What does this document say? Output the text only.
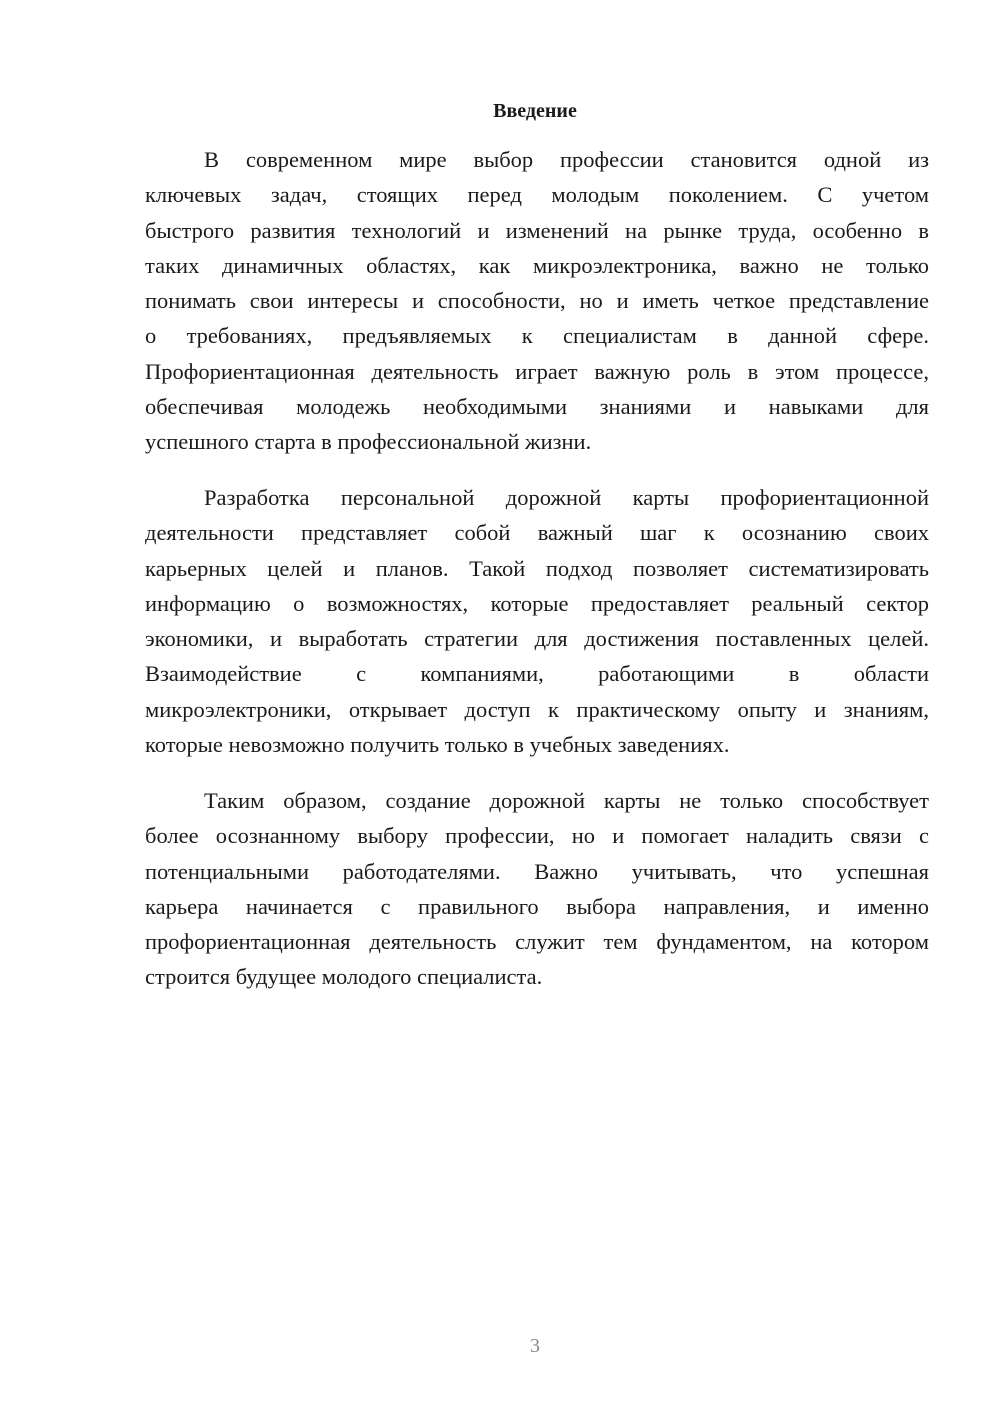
Введение
В современном мире выбор профессии становится одной из
ключевых задач, стоящих перед молодым поколением. С учетом
быстрого развития технологий и изменений на рынке труда, особенно в
таких динамичных областях, как микроэлектроника, важно не только
понимать свои интересы и способности, но и иметь четкое представление
о требованиях, предъявляемых к специалистам в данной сфере.
Профориентационная деятельность играет важную роль в этом процессе,
обеспечивая молодежь необходимыми знаниями и навыками для
успешного старта в профессиональной жизни.
Разработка персональной дорожной карты профориентационной
деятельности представляет собой важный шаг к осознанию своих
карьерных целей и планов. Такой подход позволяет систематизировать
информацию о возможностях, которые предоставляет реальный сектор
экономики, и выработать стратегии для достижения поставленных целей.
Взаимодействие с компаниями, работающими в области
микроэлектроники, открывает доступ к практическому опыту и знаниям,
которые невозможно получить только в учебных заведениях.
Таким образом, создание дорожной карты не только способствует
более осознанному выбору профессии, но и помогает наладить связи с
потенциальными работодателями. Важно учитывать, что успешная
карьера начинается с правильного выбора направления, и именно
профориентационная деятельность служит тем фундаментом, на котором
строится будущее молодого специалиста.
3
